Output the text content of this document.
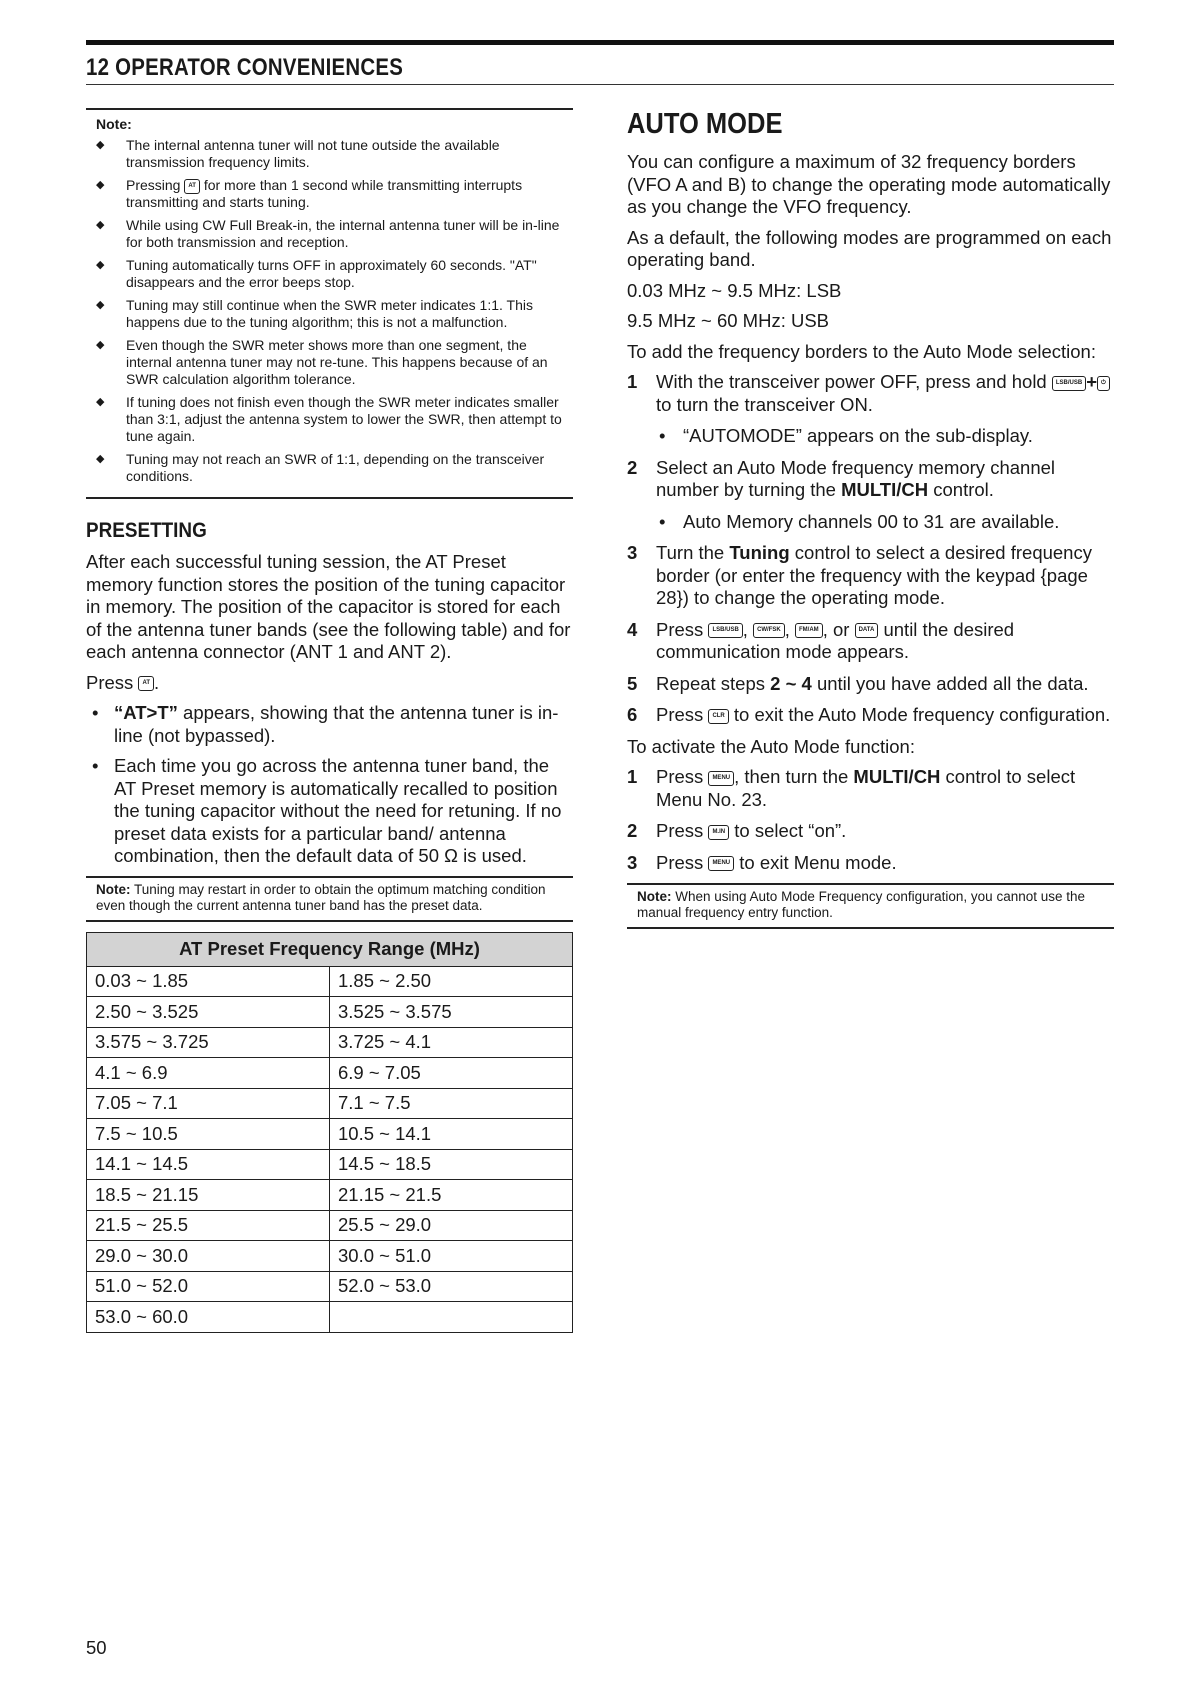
12 OPERATOR CONVENIENCES
Note:
◆ The internal antenna tuner will not tune outside the available transmission frequency limits.
◆ Pressing AT for more than 1 second while transmitting interrupts transmitting and starts tuning.
◆ While using CW Full Break-in, the internal antenna tuner will be in-line for both transmission and reception.
◆ Tuning automatically turns OFF in approximately 60 seconds. "AT" disappears and the error beeps stop.
◆ Tuning may still continue when the SWR meter indicates 1:1. This happens due to the tuning algorithm; this is not a malfunction.
◆ Even though the SWR meter shows more than one segment, the internal antenna tuner may not re-tune. This happens because of an SWR calculation algorithm tolerance.
◆ If tuning does not finish even though the SWR meter indicates smaller than 3:1, adjust the antenna system to lower the SWR, then attempt to tune again.
◆ Tuning may not reach an SWR of 1:1, depending on the transceiver conditions.
PRESETTING

After each successful tuning session, the AT Preset memory function stores the position of the tuning capacitor in memory. The position of the capacitor is stored for each of the antenna tuner bands (see the following table) and for each antenna connector (ANT 1 and ANT 2).

Press AT .

• “AT>T” appears, showing that the antenna tuner is in-line (not bypassed).
• Each time you go across the antenna tuner band, the AT Preset memory is automatically recalled to position the tuning capacitor without the need for retuning. If no preset data exists for a particular band/ antenna combination, then the default data of 50 Ω is used.
Note: Tuning may restart in order to obtain the optimum matching condition even though the current antenna tuner band has the preset data.
AT Preset Frequency Range (MHz)	
0.03 ~ 1.85	1.85 ~ 2.50
2.50 ~ 3.525	3.525 ~ 3.575
3.575 ~ 3.725	3.725 ~ 4.1
4.1 ~ 6.9	6.9 ~ 7.05
7.05 ~ 7.1	7.1 ~ 7.5
7.5 ~ 10.5	10.5 ~ 14.1
14.1 ~ 14.5	14.5 ~ 18.5
18.5 ~ 21.15	21.15 ~ 21.5
21.5 ~ 25.5	25.5 ~ 29.0
29.0 ~ 30.0	30.0 ~ 51.0
51.0 ~ 52.0	52.0 ~ 53.0
53.0 ~ 60.0	
AUTO MODE

You can configure a maximum of 32 frequency borders (VFO A and B) to change the operating mode automatically as you change the VFO frequency.

As a default, the following modes are programmed on each operating band.

0.03 MHz ~ 9.5 MHz: LSB

9.5 MHz ~ 60 MHz: USB

To add the frequency borders to the Auto Mode selection:

1 With the transceiver power OFF, press and hold LSB/USB + ⏻ to turn the transceiver ON.
• “AUTOMODE” appears on the sub-display.
2 Select an Auto Mode frequency memory channel number by turning the MULTI/CH control.
• Auto Memory channels 00 to 31 are available.
3 Turn the Tuning control to select a desired frequency border (or enter the frequency with the keypad {page 28}) to change the operating mode.
4 Press LSB/USB , CW/FSK , FM/AM , or DATA until the desired communication mode appears.
5 Repeat steps 2 ~ 4 until you have added all the data.
6 Press CLR to exit the Auto Mode frequency configuration.

To activate the Auto Mode function:

1 Press MENU , then turn the MULTI/CH control to select Menu No. 23.
2 Press M.IN to select “on”.
3 Press MENU to exit Menu mode.
Note: When using Auto Mode Frequency configuration, you cannot use the manual frequency entry function.
50
